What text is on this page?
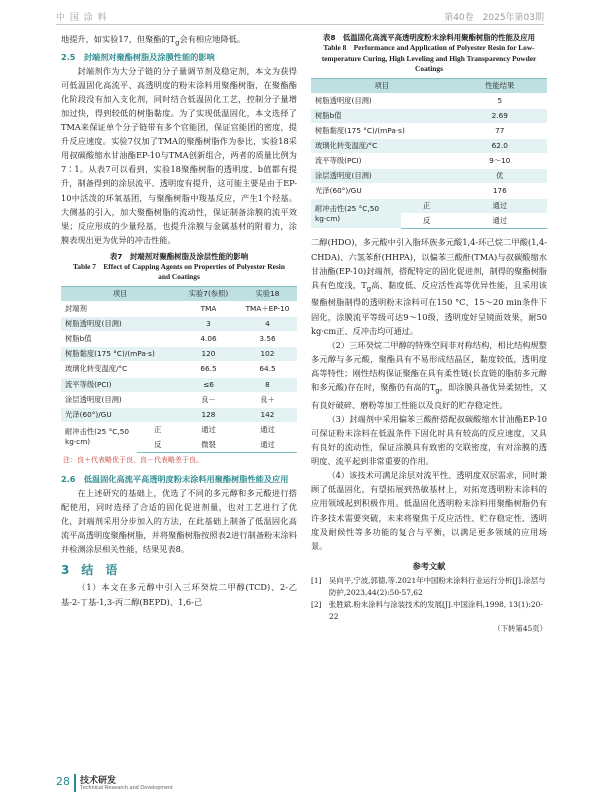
中 国 涂 料	第40卷　2025年第03期

地提升，如实验17，但聚酯的$T_g$会有相应地降低。

2.5　封端剂对聚酯树脂及涂膜性能的影响

封端剂作为大分子链的分子量调节剂及稳定剂，本文为获得可低温固化高流平、高透明度的粉末涂料用聚酯树脂，在聚酯酯化阶段没有加入支化剂，同时结合低温固化工艺，控制分子量增加过快，得到较低的树脂黏度。为了实现低温固化，本文选择了TMA来保证单个分子链带有多个官能团，保证官能团的密度，提升反应速度。实验7仅加了TMA的聚酯树脂作为参比，实验18采用叔碳酸缩水甘油酯EP-10与TMA创新组合，两者的质量比例为7∶1。从表7可以看到，实验18聚酯树脂的透明度、b值都有提升，制备得到的涂层流平、透明度有提升，这可能主要是由于EP-10中活泼的环氧基团，与聚酯树脂中羧基反应，产生1个羟基。大侧基的引入，加大聚酯树脂的流动性，保证制备涂膜的流平效果；反应形成的少量羟基，也提升涂膜与金属基材的附着力，涂膜表现出更为优异的冲击性能。

表7　封端剂对聚酯树脂及涂层性能的影响
Table 7　Effect of Capping Agents on Properties of Polyester Resin and Coatings
项目		实验7(参照)	实验18
封端剂		TMA	TMA＋EP-10
树脂透明度(目测)		3	4
树脂b值		4.06	3.56
树脂黏度(175 °C)/(mPa·s)		120	102
玻璃化转变温度/°C		66.5	64.5
流平等级(PCI)		≤6	8
涂层透明度(目测)		良－	良＋
光泽(60°)/GU		128	142
耐冲击性(25 °C,50 kg·cm)	正	通过	通过
	反	微裂	通过
注：良＋代表略优于良，良－代表略差于良。
2.6　低温固化高流平高透明度粉末涂料用聚酯树脂性能及应用

在上述研究的基础上，优选了不同的多元醇和多元酸进行搭配使用，同时选择了合适的固化促进剂量，也对工艺进行了优化，封端剂采用分步加入的方法，在此基础上制备了低温固化高流平高透明度聚酯树脂，并将聚酯树脂按照表2进行制备粉末涂料并检测涂层相关性能，结果见表8。

3　结　语

（1）本文在多元醇中引入三环癸烷二甲醇(TCD)、2-乙基-2-丁基-1,3-丙二醇(BEPD)、1,6-己

表8　低温固化高流平高透明度粉末涂料用聚酯树脂的性能及应用
Table 8　Performance and Application of Polyester Resin for Low-temperature Curing, High Leveling and High Transparency Powder Coatings
项目		性能结果
树脂透明度(目测)		5
树脂b值		2.69
树脂黏度(175 °C)/(mPa·s)		77
玻璃化转变温度/°C		62.0
流平等级(PCI)		9～10
涂层透明度(目测)		优
光泽(60°)/GU		176
耐冲击性(25 °C,50 kg·cm)	正	通过
	反	通过

二醇(HDO)，多元酸中引入脂环族多元酸1,4-环己烷二甲酸(1,4-CHDA)、六氢苯酐(HHPA)，以偏苯三酸酐(TMA)与叔碳酸缩水甘油酯(EP-10)封端剂，搭配特定的固化促进剂，制得的聚酯树脂具有色度浅，$T_g$高、黏度低、反应活性高等优异性能，且采用该聚酯树脂制得的透明粉末涂料可在150 °C、15～20 min条件下固化，涂膜流平等级可达9～10级，透明度好呈镜面效果，耐50 kg·cm正、反冲击均可通过。

（2）三环癸烷二甲醇的特殊空间非对称结构，相比结构规整多元醇与多元酸，聚酯具有不易形成结晶区，黏度较低，透明度高等特性；刚性结构保证聚酯在具有柔性链(长直链的脂肪多元醇和多元酸)存在时，聚酯仍有高的$T_g$，即涂膜具备优异柔韧性，又有良好破碎、磨粉等加工性能以及良好的贮存稳定性。

（3）封端剂中采用偏苯三酸酐搭配叔碳酸缩水甘油酯EP-10可保证粉末涂料在低温条件下固化时具有较高的反应速度，又具有良好的流动性，保证涂膜具有致密的交联密度，有对涂膜的透明度、流平起到非常重要的作用。

（4）该技术可满足涂层对流平性、透明度双层需求，同时兼顾了低温固化，有望拓展到热敏基材上，对拓宽透明粉末涂料的应用领域起到积极作用。低温固化透明粉末涂料用聚酯树脂仍有许多技术需要突破，未来将聚焦于反应活性、贮存稳定性、透明度及耐候性等多功能的复合与平衡，以满足更多领域的应用场景。

参考文献
[1]　吴向平,宁波,郭德,等.2021年中国粉末涂料行业运行分析[J].涂层与防护,2023,44(2):50-57,62
[2]　张胜斌.粉末涂料与涂装技术的发展[J].中国涂料,1998, 13(1):20-22
（下转第45页）
28 技术研发
Technical Research and Development
